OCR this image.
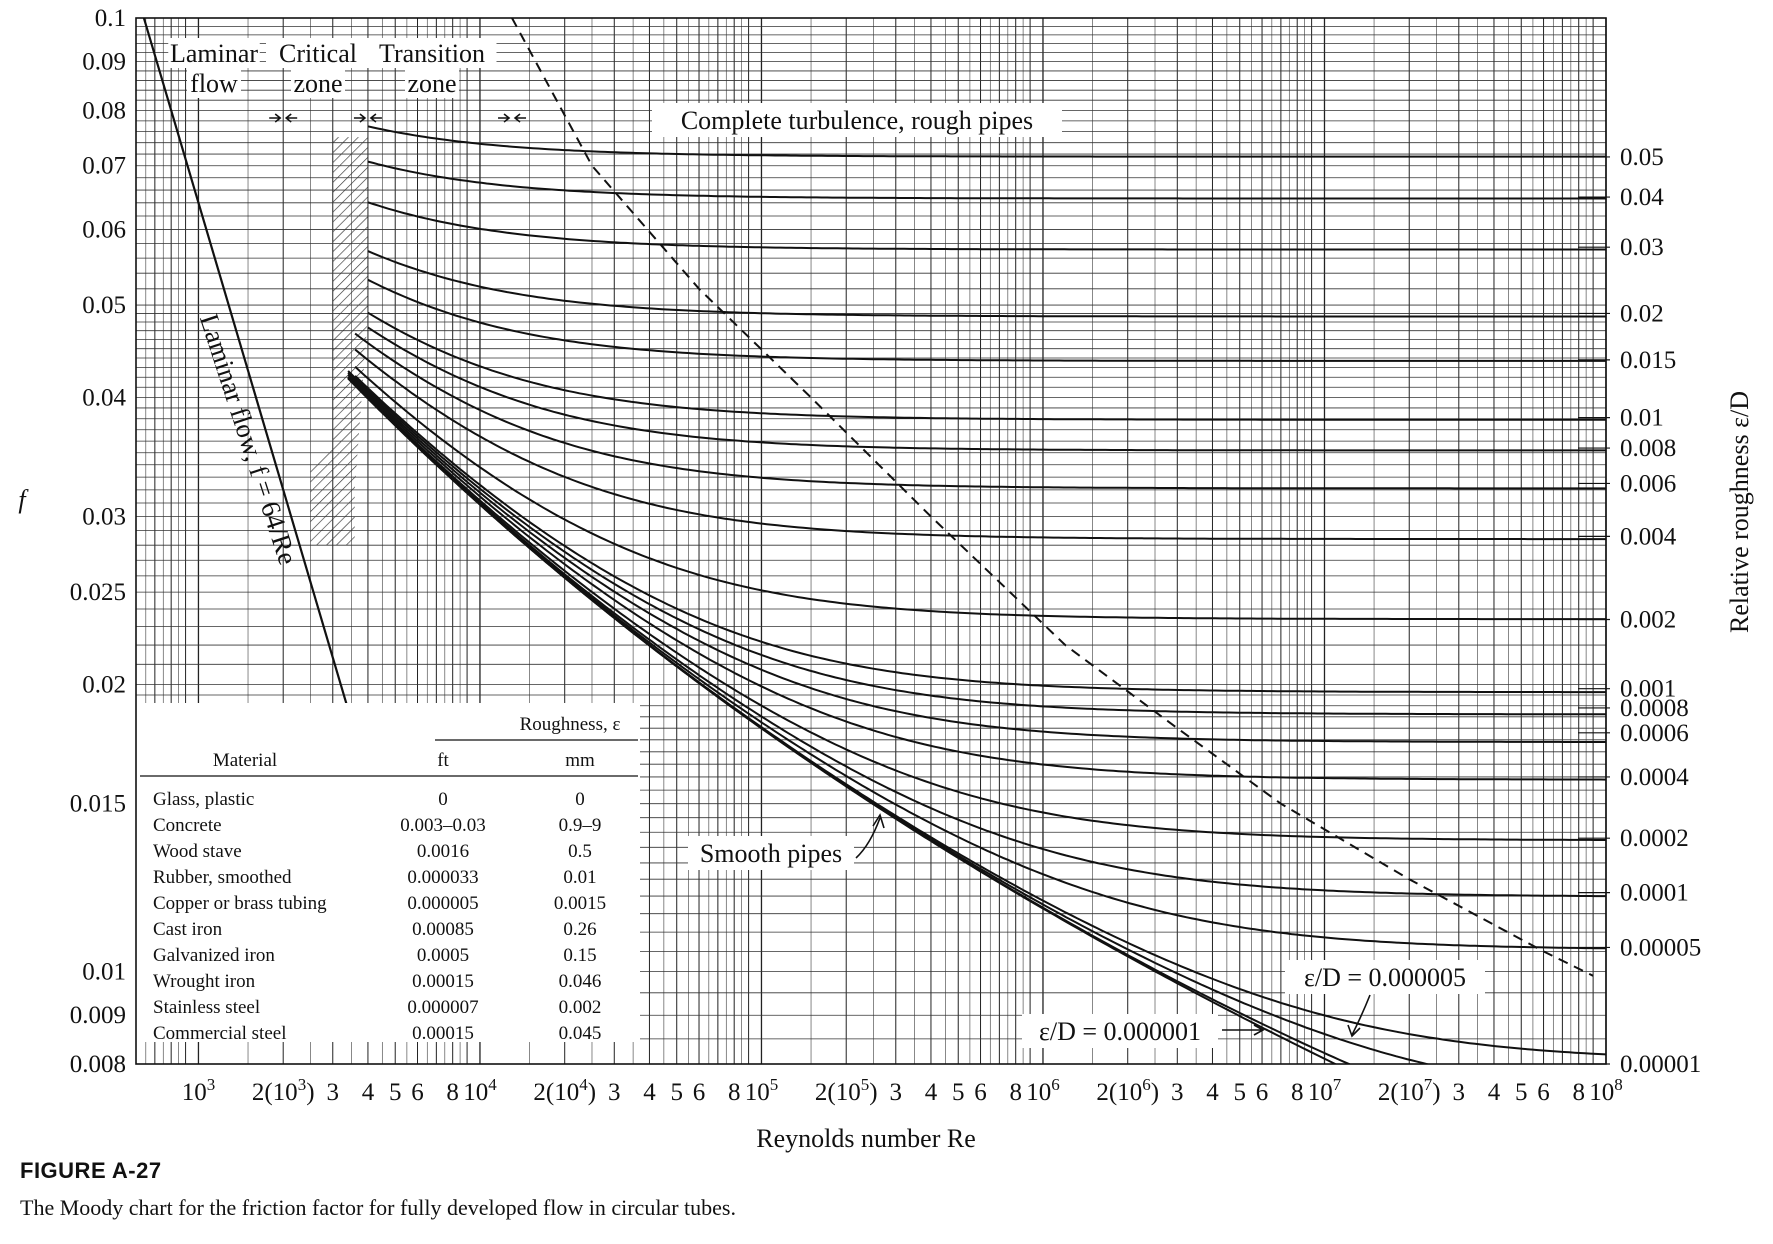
Roughness, ε
Material	ft	mm
Glass, plastic	0	0
Concrete	0.003–0.03	0.9–9
Wood stave	0.0016	0.5
Rubber, smoothed	0.000033	0.01
Copper or brass tubing	0.000005	0.0015
Cast iron	0.00085	0.26
Galvanized iron	0.0005	0.15
Wrought iron	0.00015	0.046
Stainless steel	0.000007	0.002
Commercial steel	0.00015	0.045
Laminar
flow
Critical
zone
Transition
zone
Complete turbulence, rough pipes
Laminar flow, f = 64/Re
Smooth pipes
ε/D = 0.000005
ε/D = 0.000001
0.1
0.09
0.08
0.07
0.06
0.05
0.04
0.03
0.025
0.02
0.015
0.01
0.009
0.008
f
$10^3$ $2(10^3)$ 3 4 5 6 8 $10^4$ $2(10^4)$ 3 4 5 6 8 $10^5$ $2(10^5)$ 3 4 5 6 8 $10^6$ $2(10^6)$ 3 4 5 6 8 $10^7$ $2(10^7)$ 3 4 5 6 8 $10^8$
Reynolds number Re
0.05
0.04
0.03
0.02
0.015
0.01
0.008
0.006
0.004
0.002
0.001
0.0008
0.0006
0.0004
0.0002
0.0001
0.00005
0.00001
Relative roughness ε/D
FIGURE A-27
The Moody chart for the friction factor for fully developed flow in circular tubes.
